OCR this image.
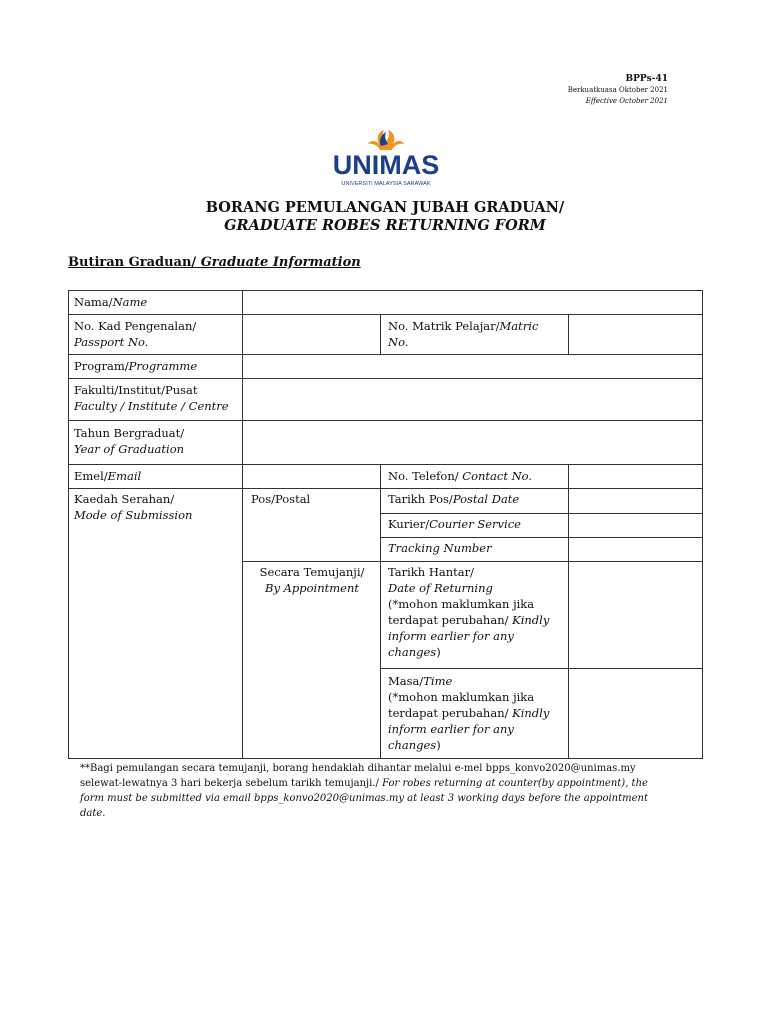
BPPs-41
Berkuatkuasa Oktober 2021
Effective October 2021
UNIMAS
UNIVERSITI MALAYSIA SARAWAK
BORANG PEMULANGAN JUBAH GRADUAN/
GRADUATE ROBES RETURNING FORM
Butiran Graduan/ Graduate Information
Nama/Name
No. Kad Pengenalan/
Passport No.
No. Matrik Pelajar/Matric
No.
Program/Programme
Fakulti/Institut/Pusat
Faculty / Institute / Centre
Tahun Bergraduat/
Year of Graduation
Emel/Email	No. Telefon/ Contact No.
Kaedah Serahan/
Mode of Submission
Pos/Postal	Tarikh Pos/Postal Date
Kurier/Courier Service
Tracking Number
Secara Temujanji/
By Appointment
Tarikh Hantar/
Date of Returning
(*mohon maklumkan jika
terdapat perubahan/ Kindly
inform earlier for any
changes)
Masa/Time
(*mohon maklumkan jika
terdapat perubahan/ Kindly
inform earlier for any
changes)
**Bagi pemulangan secara temujanji, borang hendaklah dihantar melalui e-mel bpps_konvo2020@unimas.my
selewat-lewatnya 3 hari bekerja sebelum tarikh temujanji./ For robes returning at counter(by appointment), the
form must be submitted via email bpps_konvo2020@unimas.my at least 3 working days before the appointment
date.
